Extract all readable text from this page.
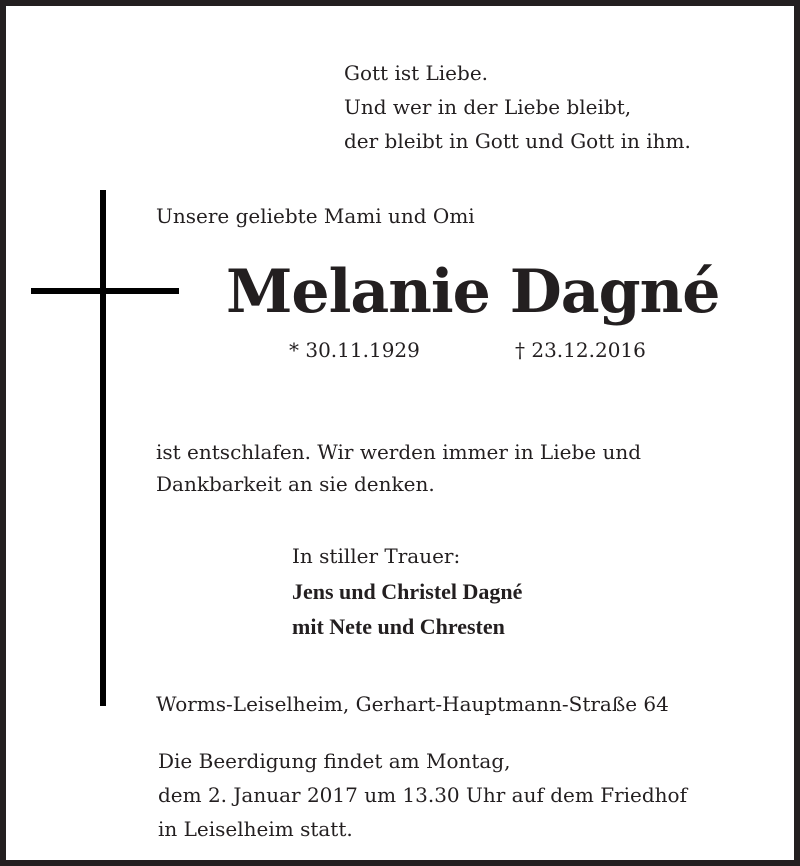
Gott ist Liebe.
Und wer in der Liebe bleibt,
der bleibt in Gott und Gott in ihm.
Unsere geliebte Mami und Omi
Melanie Dagné
* 30.11.1929	† 23.12.2016
ist entschlafen. Wir werden immer in Liebe und
Dankbarkeit an sie denken.
In stiller Trauer:
Jens und Christel Dagné
mit Nete und Chresten
Worms-Leiselheim, Gerhart-Hauptmann-Straße 64
Die Beerdigung findet am Montag,
dem 2. Januar 2017 um 13.30 Uhr auf dem Friedhof
in Leiselheim statt.
